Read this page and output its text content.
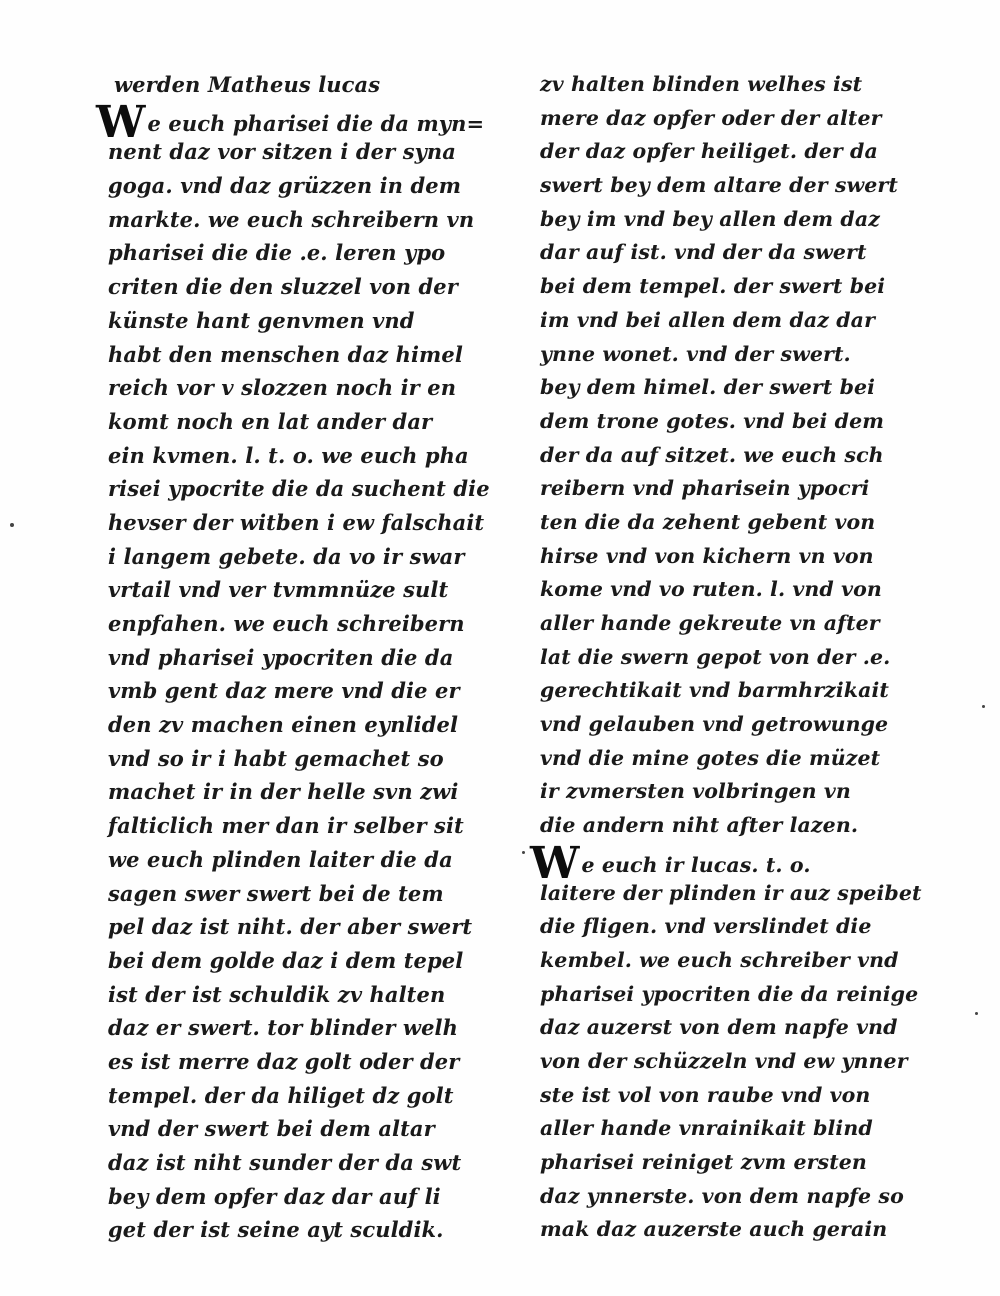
werden Matheus lucas
We euch pharisei die da myn=
nent daz vor sitzen i der syna
goga. vnd daz grüzzen in dem
markte. we euch schreibern vn
pharisei die die .e. leren ypo
criten die den sluzzel von der
künste hant genvmen vnd
habt den menschen daz himel
reich vor v slozzen noch ir en
komt noch en lat ander dar
ein kvmen. l. t. o. we euch pha
risei ypocrite die da suchent die
hevser der witben i ew falschait
i langem gebete. da vo ir swar
vrtail vnd ver tvmmnüze sult
enpfahen. we euch schreibern
vnd pharisei ypocriten die da
vmb gent daz mere vnd die er
den zv machen einen eynlidel
vnd so ir i habt gemachet so
machet ir in der helle svn zwi
falticlich mer dan ir selber sit
we euch plinden laiter die da
sagen swer swert bei de tem
pel daz ist niht. der aber swert
bei dem golde daz i dem tepel
ist der ist schuldik zv halten
daz er swert. tor blinder welh
es ist merre daz golt oder der
tempel. der da hiliget dz golt
vnd der swert bei dem altar
daz ist niht sunder der da swt
bey dem opfer daz dar auf li
get der ist seine ayt sculdik.
zv halten blinden welhes ist
mere daz opfer oder der alter
der daz opfer heiliget. der da
swert bey dem altare der swert
bey im vnd bey allen dem daz
dar auf ist. vnd der da swert
bei dem tempel. der swert bei
im vnd bei allen dem daz dar
ynne wonet. vnd der swert.
bey dem himel. der swert bei
dem trone gotes. vnd bei dem
der da auf sitzet. we euch sch
reibern vnd pharisein ypocri
ten die da zehent gebent von
hirse vnd von kichern vn von
kome vnd vo ruten. l. vnd von
aller hande gekreute vn after
lat die swern gepot von der .e.
gerechtikait vnd barmhrzikait
vnd gelauben vnd getrowunge
vnd die mine gotes die müzet
ir zvmersten volbringen vn
die andern niht after lazen.
We euch ir lucas. t. o.
laitere der plinden ir auz speibet
die fligen. vnd verslindet die
kembel. we euch schreiber vnd
pharisei ypocriten die da reinige
daz auzerst von dem napfe vnd
von der schüzzeln vnd ew ynner
ste ist vol von raube vnd von
aller hande vnrainikait blind
pharisei reiniget zvm ersten
daz ynnerste. von dem napfe so
mak daz auzerste auch gerain
